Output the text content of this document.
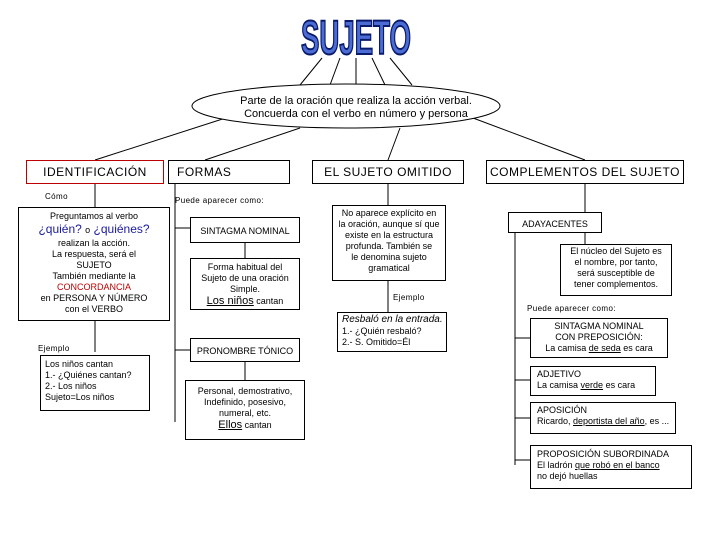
SUJETO
Parte de la oración que realiza la acción verbal.
Concuerda con el verbo en número y persona
IDENTIFICACIÓN
Cómo
Preguntamos al verbo
¿quién? o ¿quiénes?
realizan la acción.
La respuesta, será el
SUJETO
También mediante la
CONCORDANCIA
en PERSONA Y NÚMERO
con el VERBO
Ejemplo
Los niños cantan
1.- ¿Quiénes cantan?
2.- Los niños
Sujeto=Los niños
FORMAS
Puede aparecer como:
SINTAGMA NOMINAL
Forma habitual del
Sujeto de una oración
Simple.
Los niños cantan
PRONOMBRE TÓNICO
Personal, demostrativo,
Indefinido, posesivo,
numeral, etc.
Ellos cantan
EL SUJETO OMITIDO
No aparece explícito en
la oración, aunque sí que
existe en la estructura
profunda. También se
le denomina sujeto
gramatical
Ejemplo
Resbaló en la entrada.
1.- ¿Quién resbaló?
2.- S. Omitido=Él
COMPLEMENTOS DEL SUJETO
ADAYACENTES
El núcleo del Sujeto es
el nombre, por tanto,
será susceptible de
tener complementos.
Puede aparecer como:
SINTAGMA NOMINAL
CON PREPOSICIÓN:
La camisa de seda es cara
ADJETIVO
La camisa verde es cara
APOSICIÓN
Ricardo, deportista del año, es ...
PROPOSICIÓN SUBORDINADA
El ladrón que robó en el banco
no dejó huellas
